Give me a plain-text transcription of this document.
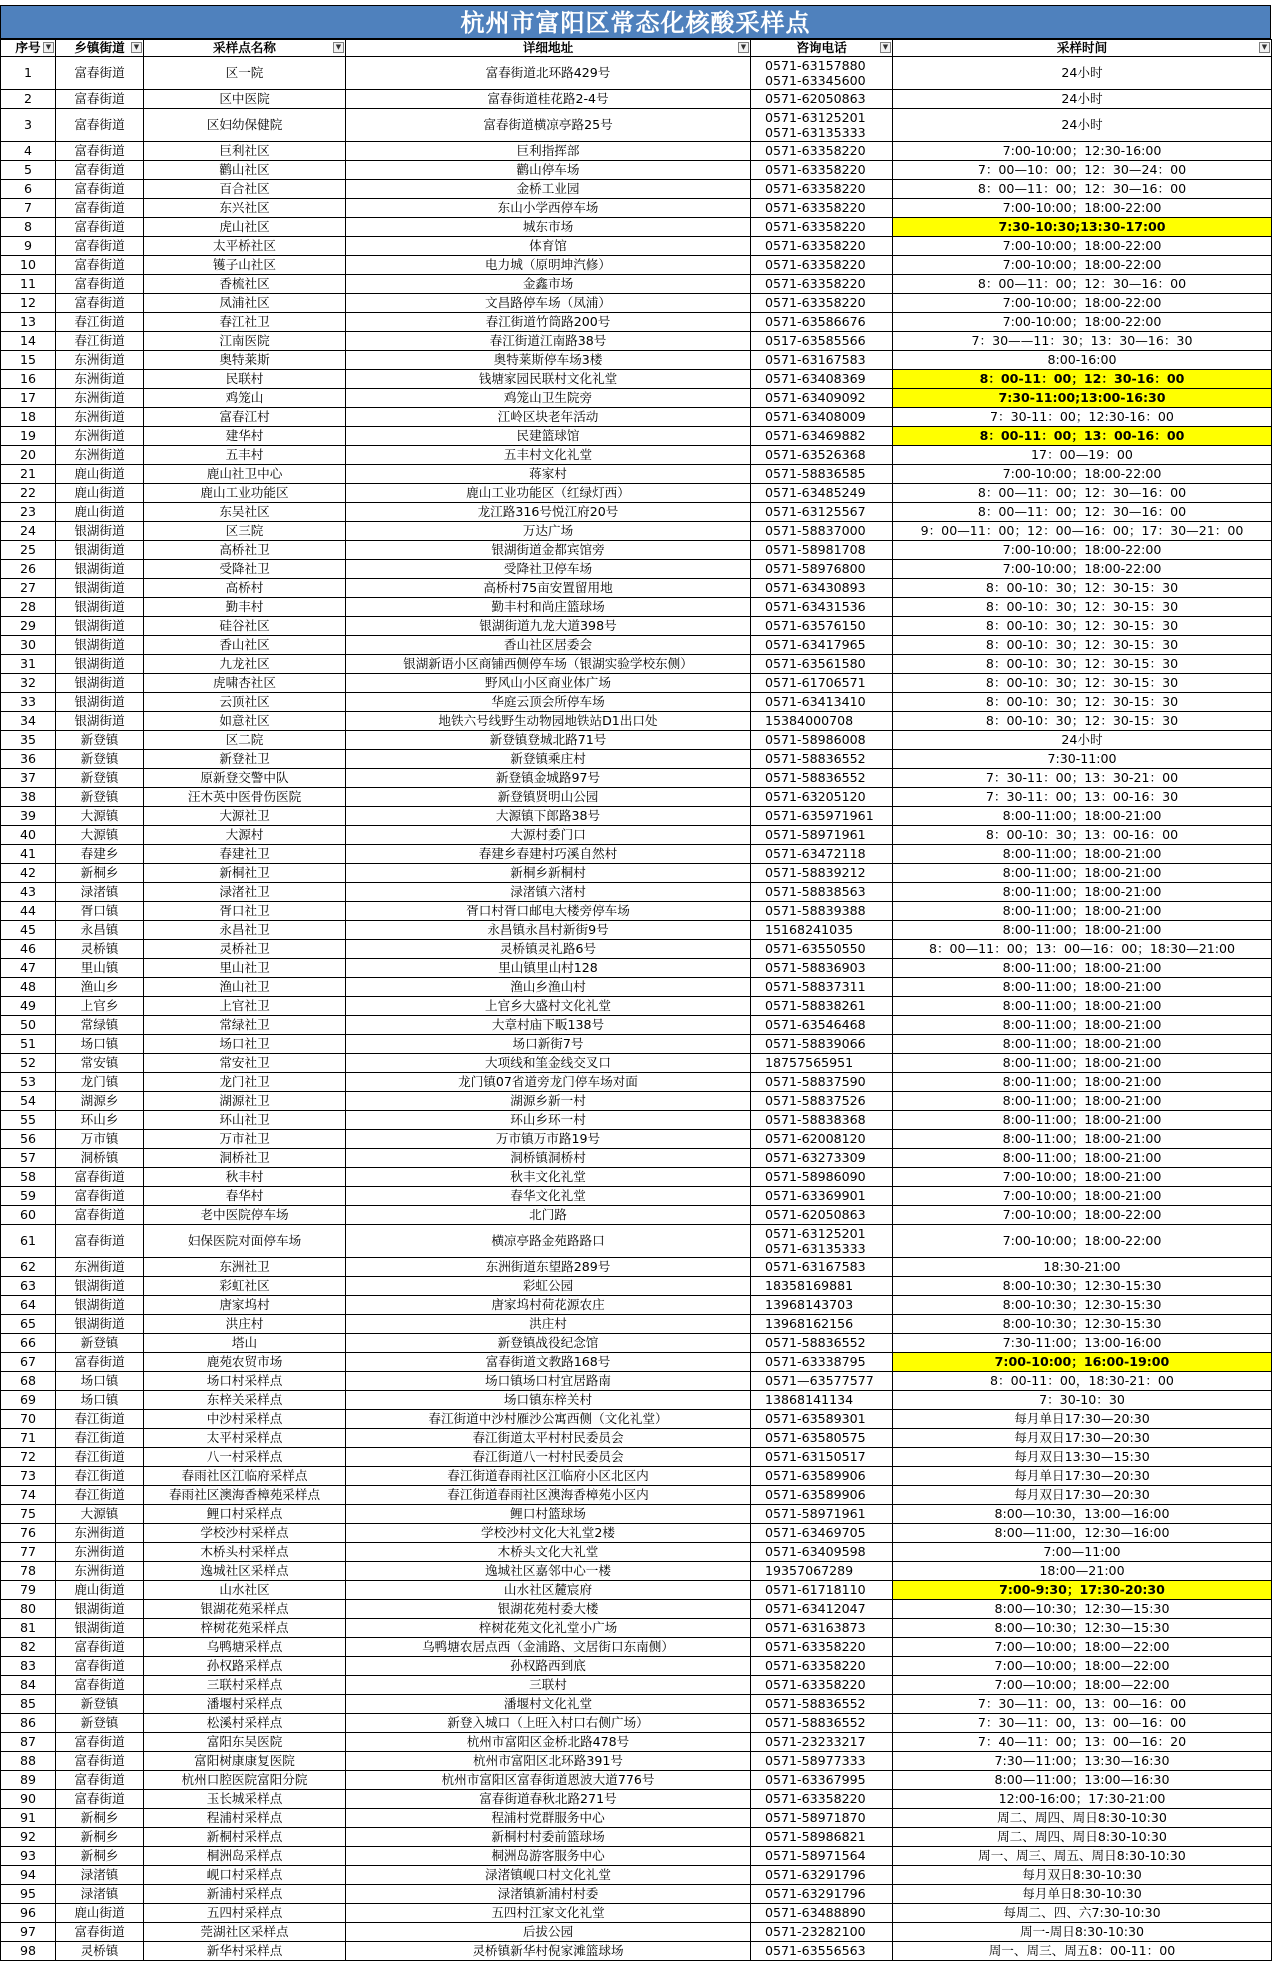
杭州市富阳区常态化核酸采样点
序号 ▼	乡镇街道 ▼	采样点名称 ▼	详细地址 ▼	咨询电话 ▼	采样时间 ▼

1	富春街道	区一院	富春街道北环路429号	0571-63157880
0571-63345600	24小时
2	富春街道	区中医院	富春街道桂花路2-4号	0571-62050863	24小时
3	富春街道	区妇幼保健院	富春街道横凉亭路25号	0571-63125201
0571-63135333	24小时
4	富春街道	巨利社区	巨利指挥部	0571-63358220	7:00-10:00；12:30-16:00
5	富春街道	鹳山社区	鹳山停车场	0571-63358220	7：00—10：00；12：30—24：00
6	富春街道	百合社区	金桥工业园	0571-63358220	8：00—11：00；12：30—16：00
7	富春街道	东兴社区	东山小学西停车场	0571-63358220	7:00-10:00；18:00-22:00
8	富春街道	虎山社区	城东市场	0571-63358220	7:30-10:30;13:30-17:00
9	富春街道	太平桥社区	体育馆	0571-63358220	7:00-10:00；18:00-22:00
10	富春街道	镬子山社区	电力城（原明坤汽修）	0571-63358220	7:00-10:00；18:00-22:00
11	富春街道	香梳社区	金鑫市场	0571-63358220	8：00—11：00；12：30—16：00
12	富春街道	凤浦社区	文昌路停车场（凤浦）	0571-63358220	7:00-10:00；18:00-22:00
13	春江街道	春江社卫	春江街道竹筒路200号	0571-63586676	7:00-10:00；18:00-22:00
14	春江街道	江南医院	春江街道江南路38号	0517-63585566	7：30——11：30；13：30—16：30
15	东洲街道	奥特莱斯	奥特莱斯停车场3楼	0571-63167583	8:00-16:00
16	东洲街道	民联村	钱塘家园民联村文化礼堂	0571-63408369	8：00-11：00；12：30-16：00
17	东洲街道	鸡笼山	鸡笼山卫生院旁	0571-63409092	7:30-11:00;13:00-16:30
18	东洲街道	富春江村	江岭区块老年活动	0571-63408009	7：30-11：00；12:30-16：00
19	东洲街道	建华村	民建篮球馆	0571-63469882	8：00-11：00；13：00-16：00
20	东洲街道	五丰村	五丰村文化礼堂	0571-63526368	17：00—19：00
21	鹿山街道	鹿山社卫中心	蒋家村	0571-58836585	7:00-10:00；18:00-22:00
22	鹿山街道	鹿山工业功能区	鹿山工业功能区（红绿灯西）	0571-63485249	8：00—11：00；12：30—16：00
23	鹿山街道	东吴社区	龙江路316号悦江府20号	0571-63125567	8：00—11：00；12：30—16：00
24	银湖街道	区三院	万达广场	0571-58837000	9：00—11：00；12：00—16：00；17：30—21：00
25	银湖街道	高桥社卫	银湖街道金都宾馆旁	0571-58981708	7:00-10:00；18:00-22:00
26	银湖街道	受降社卫	受降社卫停车场	0571-58976800	7:00-10:00；18:00-22:00
27	银湖街道	高桥村	高桥村75亩安置留用地	0571-63430893	8：00-10：30；12：30-15：30
28	银湖街道	勤丰村	勤丰村和尚庄篮球场	0571-63431536	8：00-10：30；12：30-15：30
29	银湖街道	硅谷社区	银湖街道九龙大道398号	0571-63576150	8：00-10：30；12：30-15：30
30	银湖街道	香山社区	香山社区居委会	0571-63417965	8：00-10：30；12：30-15：30
31	银湖街道	九龙社区	银湖新语小区商铺西侧停车场（银湖实验学校东侧）	0571-63561580	8：00-10：30；12：30-15：30
32	银湖街道	虎啸杏社区	野风山小区商业体广场	0571-61706571	8：00-10：30；12：30-15：30
33	银湖街道	云顶社区	华庭云顶会所停车场	0571-63413410	8：00-10：30；12：30-15：30
34	银湖街道	如意社区	地铁六号线野生动物园地铁站D1出口处	15384000708	8：00-10：30；12：30-15：30
35	新登镇	区二院	新登镇登城北路71号	0571-58986008	24小时
36	新登镇	新登社卫	新登镇乘庄村	0571-58836552	7:30-11:00
37	新登镇	原新登交警中队	新登镇金城路97号	0571-58836552	7：30-11：00；13：30-21：00
38	新登镇	汪木英中医骨伤医院	新登镇贤明山公园	0571-63205120	7：30-11：00；13：00-16：30
39	大源镇	大源社卫	大源镇下郎路38号	0571-635971961	8:00-11:00；18:00-21:00
40	大源镇	大源村	大源村委门口	0571-58971961	8：00-10：30；13：00-16：00
41	春建乡	春建社卫	春建乡春建村巧溪自然村	0571-63472118	8:00-11:00；18:00-21:00
42	新桐乡	新桐社卫	新桐乡新桐村	0571-58839212	8:00-11:00；18:00-21:00
43	渌渚镇	渌渚社卫	渌渚镇六渚村	0571-58838563	8:00-11:00；18:00-21:00
44	胥口镇	胥口社卫	胥口村胥口邮电大楼旁停车场	0571-58839388	8:00-11:00；18:00-21:00
45	永昌镇	永昌社卫	永昌镇永昌村新街9号	15168241035	8:00-11:00；18:00-21:00
46	灵桥镇	灵桥社卫	灵桥镇灵礼路6号	0571-63550550	8：00—11：00；13：00—16：00；18:30—21:00
47	里山镇	里山社卫	里山镇里山村128	0571-58836903	8:00-11:00；18:00-21:00
48	渔山乡	渔山社卫	渔山乡渔山村	0571-58837311	8:00-11:00；18:00-21:00
49	上官乡	上官社卫	上官乡大盛村文化礼堂	0571-58838261	8:00-11:00；18:00-21:00
50	常绿镇	常绿社卫	大章村庙下畈138号	0571-63546468	8:00-11:00；18:00-21:00
51	场口镇	场口社卫	场口新街7号	0571-58839066	8:00-11:00；18:00-21:00
52	常安镇	常安社卫	大项线和筀金线交叉口	18757565951	8:00-11:00；18:00-21:00
53	龙门镇	龙门社卫	龙门镇07省道旁龙门停车场对面	0571-58837590	8:00-11:00；18:00-21:00
54	湖源乡	湖源社卫	湖源乡新一村	0571-58837526	8:00-11:00；18:00-21:00
55	环山乡	环山社卫	环山乡环一村	0571-58838368	8:00-11:00；18:00-21:00
56	万市镇	万市社卫	万市镇万市路19号	0571-62008120	8:00-11:00；18:00-21:00
57	洞桥镇	洞桥社卫	洞桥镇洞桥村	0571-63273309	8:00-11:00；18:00-21:00
58	富春街道	秋丰村	秋丰文化礼堂	0571-58986090	7:00-10:00；18:00-21:00
59	富春街道	春华村	春华文化礼堂	0571-63369901	7:00-10:00；18:00-21:00
60	富春街道	老中医院停车场	北门路	0571-62050863	7:00-10:00；18:00-22:00
61	富春街道	妇保医院对面停车场	横凉亭路金苑路路口	0571-63125201
0571-63135333	7:00-10:00；18:00-22:00
62	东洲街道	东洲社卫	东洲街道东望路289号	0571-63167583	18:30-21:00
63	银湖街道	彩虹社区	彩虹公园	18358169881	8:00-10:30；12:30-15:30
64	银湖街道	唐家坞村	唐家坞村荷花源农庄	13968143703	8:00-10:30；12:30-15:30
65	银湖街道	洪庄村	洪庄村	13968162156	8:00-10:30；12:30-15:30
66	新登镇	塔山	新登镇战役纪念馆	0571-58836552	7:30-11:00；13:00-16:00
67	富春街道	鹿苑农贸市场	富春街道文教路168号	0571-63338795	7:00-10:00；16:00-19:00
68	场口镇	场口村采样点	场口镇场口村宜居路南	0571—63577577	8：00-11：00，18:30-21：00
69	场口镇	东梓关采样点	场口镇东梓关村	13868141134	7：30-10：30
70	春江街道	中沙村采样点	春江街道中沙村雁沙公寓西侧（文化礼堂）	0571-63589301	每月单日17:30—20:30
71	春江街道	太平村采样点	春江街道太平村村民委员会	0571-63580575	每月双日17:30—20:30
72	春江街道	八一村采样点	春江街道八一村村民委员会	0571-63150517	每月双日13:30—15:30
73	春江街道	春雨社区江临府采样点	春江街道春雨社区江临府小区北区内	0571-63589906	每月单日17:30—20:30
74	春江街道	春雨社区澳海香樟苑采样点	春江街道春雨社区澳海香樟苑小区内	0571-63589906	每月双日17:30—20:30
75	大源镇	鲤口村采样点	鲤口村篮球场	0571-58971961	8:00—10:30，13:00—16:00
76	东洲街道	学校沙村采样点	学校沙村文化大礼堂2楼	0571-63469705	8:00—11:00，12:30—16:00
77	东洲街道	木桥头村采样点	木桥头文化大礼堂	0571-63409598	7:00—11:00
78	东洲街道	逸城社区采样点	逸城社区嘉邻中心一楼	19357067289	18:00—21:00
79	鹿山街道	山水社区	山水社区麓宸府	0571-61718110	7:00-9:30；17:30-20:30
80	银湖街道	银湖花苑采样点	银湖花苑村委大楼	0571-63412047	8:00—10:30；12:30—15:30
81	银湖街道	梓树花苑采样点	梓树花苑文化礼堂小广场	0571-63163873	8:00—10:30；12:30—15:30
82	富春街道	乌鸭塘采样点	乌鸭塘农居点西（金浦路、文居街口东南侧）	0571-63358220	7:00—10:00；18:00—22:00
83	富春街道	孙权路采样点	孙权路西到底	0571-63358220	7:00—10:00；18:00—22:00
84	富春街道	三联村采样点	三联村	0571-63358220	7:00—10:00；18:00—22:00
85	新登镇	潘堰村采样点	潘堰村文化礼堂	0571-58836552	7：30—11：00，13：00—16：00
86	新登镇	松溪村采样点	新登入城口（上旺入村口右侧广场）	0571-58836552	7：30—11：00，13：00—16：00
87	富春街道	富阳东吴医院	杭州市富阳区金桥北路478号	0571-23233217	7：40—11：00；13：00—16：20
88	富春街道	富阳树康康复医院	杭州市富阳区北环路391号	0571-58977333	7:30—11:00；13:30—16:30
89	富春街道	杭州口腔医院富阳分院	杭州市富阳区富春街道恩波大道776号	0571-63367995	8:00—11:00；13:00—16:30
90	富春街道	玉长城采样点	富春街道春秋北路271号	0571-63358220	12:00-16:00；17:30-21:00
91	新桐乡	程浦村采样点	程浦村党群服务中心	0571-58971870	周二、周四、周日8:30-10:30
92	新桐乡	新桐村采样点	新桐村村委前篮球场	0571-58986821	周二、周四、周日8:30-10:30
93	新桐乡	桐洲岛采样点	桐洲岛游客服务中心	0571-58971564	周一、周三、周五、周日8:30-10:30
94	渌渚镇	岘口村采样点	渌渚镇岘口村文化礼堂	0571-63291796	每月双日8:30-10:30
95	渌渚镇	新浦村采样点	渌渚镇新浦村村委	0571-63291796	每月单日8:30-10:30
96	鹿山街道	五四村采样点	五四村江家文化礼堂	0571-63488890	每周二、四、六7:30-10:30
97	富春街道	莞湖社区采样点	后拔公园	0571-23282100	周一-周日8:30-10:30
98	灵桥镇	新华村采样点	灵桥镇新华村倪家滩篮球场	0571-63556563	周一、周三、周五8：00-11：00
